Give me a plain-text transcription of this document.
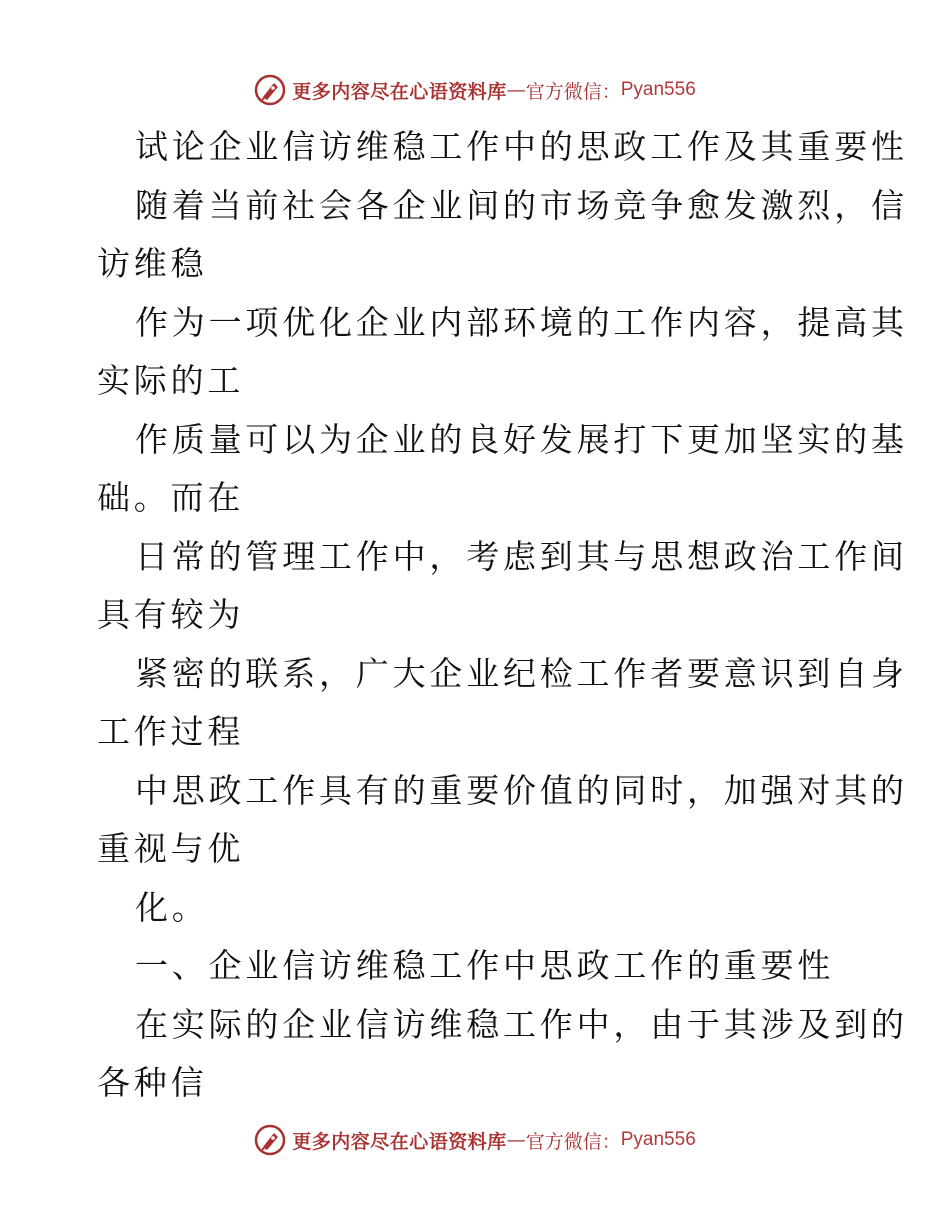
更多内容尽在心语资料库 — 官方微信： Pyan556
试论企业信访维稳工作中的思政工作及其重要性
随着当前社会各企业间的市场竞争愈发激烈，信
访维稳
作为一项优化企业内部环境的工作内容，提高其
实际的工
作质量可以为企业的良好发展打下更加坚实的基
础。而在
日常的管理工作中，考虑到其与思想政治工作间
具有较为
紧密的联系，广大企业纪检工作者要意识到自身
工作过程
中思政工作具有的重要价值的同时，加强对其的
重视与优
化。
一、企业信访维稳工作中思政工作的重要性
在实际的企业信访维稳工作中，由于其涉及到的
各种信
更多内容尽在心语资料库 — 官方微信： Pyan556
